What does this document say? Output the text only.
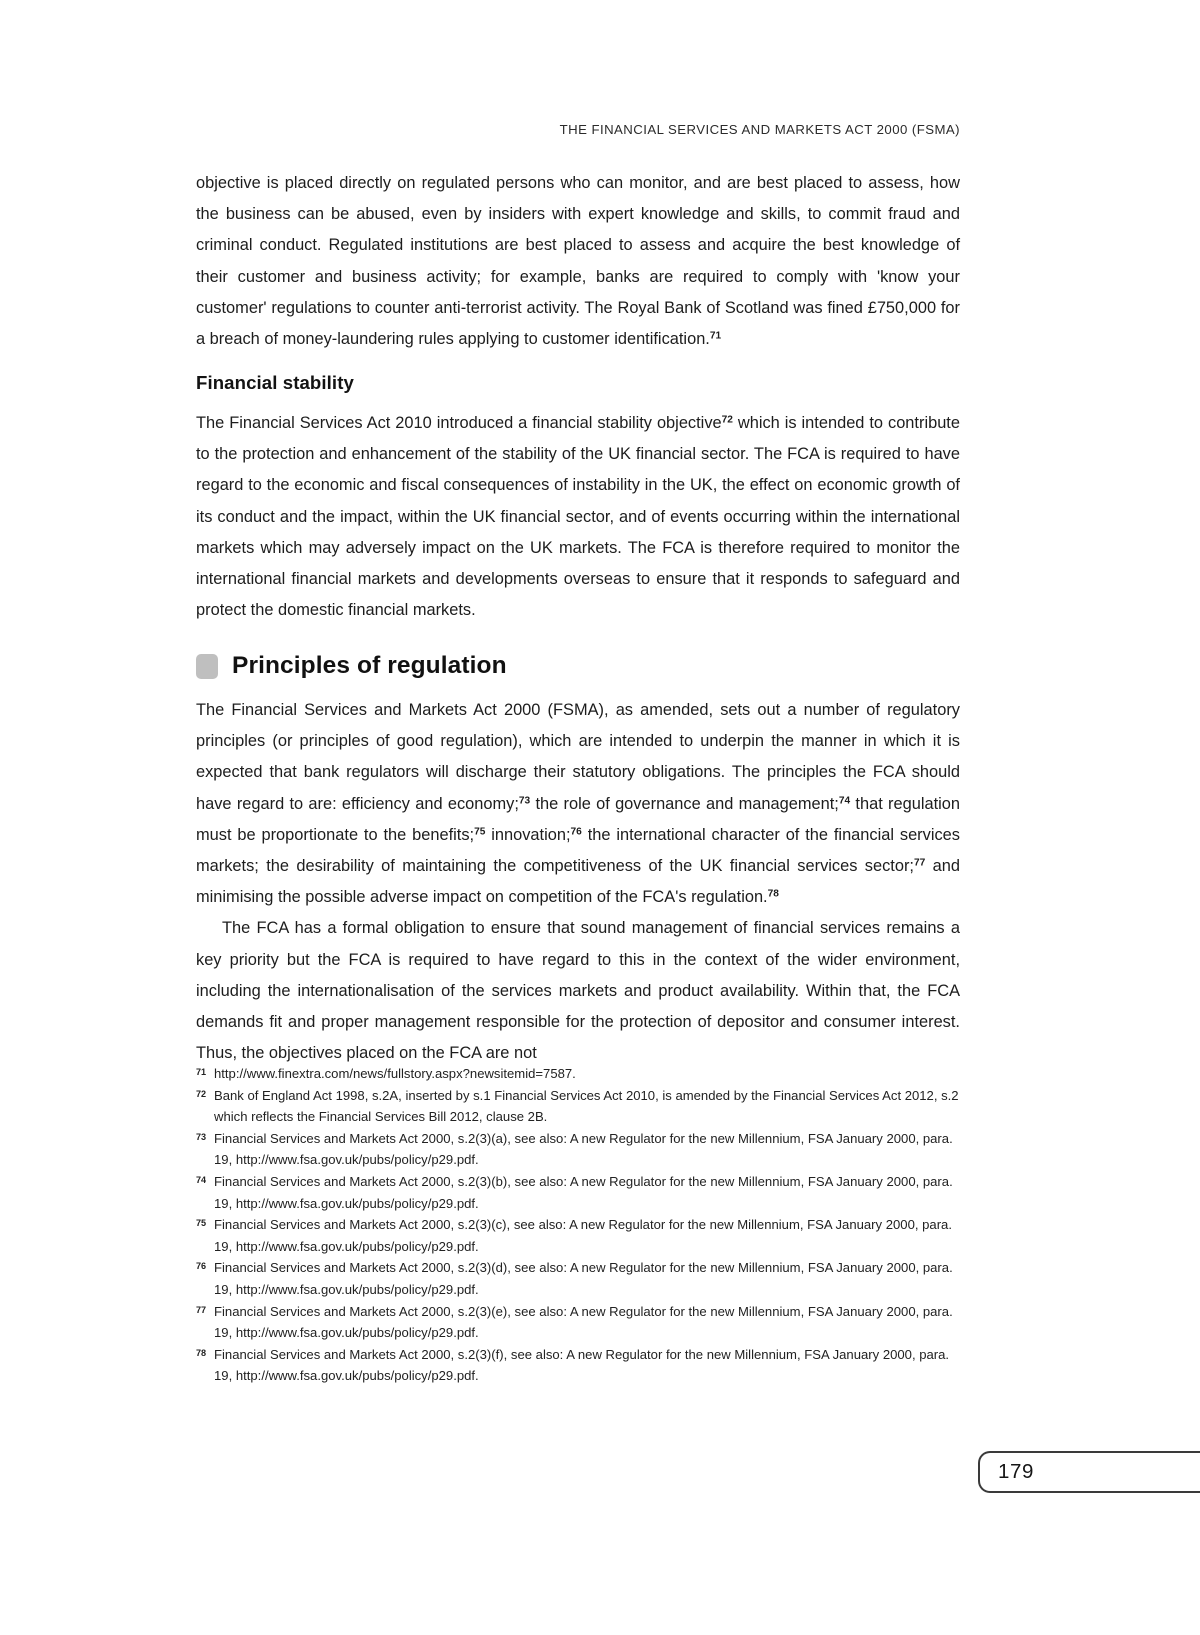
THE FINANCIAL SERVICES AND MARKETS ACT 2000 (FSMA)

objective is placed directly on regulated persons who can monitor, and are best placed to assess, how the business can be abused, even by insiders with expert knowledge and skills, to commit fraud and criminal conduct. Regulated institutions are best placed to assess and acquire the best knowledge of their customer and business activity; for example, banks are required to comply with 'know your customer' regulations to counter anti-terrorist activity. The Royal Bank of Scotland was fined £750,000 for a breach of money-laundering rules applying to customer identification.$^{71}$

Financial stability

The Financial Services Act 2010 introduced a financial stability objective$^{72}$ which is intended to contribute to the protection and enhancement of the stability of the UK financial sector. The FCA is required to have regard to the economic and fiscal consequences of instability in the UK, the effect on economic growth of its conduct and the impact, within the UK financial sector, and of events occurring within the international markets which may adversely impact on the UK markets. The FCA is therefore required to monitor the international financial markets and developments overseas to ensure that it responds to safeguard and protect the domestic financial markets.

Principles of regulation

The Financial Services and Markets Act 2000 (FSMA), as amended, sets out a number of regulatory principles (or principles of good regulation), which are intended to underpin the manner in which it is expected that bank regulators will discharge their statutory obligations. The principles the FCA should have regard to are: efficiency and economy;$^{73}$ the role of governance and management;$^{74}$ that regulation must be proportionate to the benefits;$^{75}$ innovation;$^{76}$ the international character of the financial services markets; the desirability of maintaining the competitiveness of the UK financial services sector;$^{77}$ and minimising the possible adverse impact on competition of the FCA's regulation.$^{78}$

The FCA has a formal obligation to ensure that sound management of financial services remains a key priority but the FCA is required to have regard to this in the context of the wider environment, including the internationalisation of the services markets and product availability. Within that, the FCA demands fit and proper management responsible for the protection of depositor and consumer interest. Thus, the objectives placed on the FCA are not

71 http://www.finextra.com/news/fullstory.aspx?newsitemid=7587.
72 Bank of England Act 1998, s.2A, inserted by s.1 Financial Services Act 2010, is amended by the Financial Services Act 2012, s.2 which reflects the Financial Services Bill 2012, clause 2B.
73 Financial Services and Markets Act 2000, s.2(3)(a), see also: A new Regulator for the new Millennium, FSA January 2000, para. 19, http://www.fsa.gov.uk/pubs/policy/p29.pdf.
74 Financial Services and Markets Act 2000, s.2(3)(b), see also: A new Regulator for the new Millennium, FSA January 2000, para. 19, http://www.fsa.gov.uk/pubs/policy/p29.pdf.
75 Financial Services and Markets Act 2000, s.2(3)(c), see also: A new Regulator for the new Millennium, FSA January 2000, para. 19, http://www.fsa.gov.uk/pubs/policy/p29.pdf.
76 Financial Services and Markets Act 2000, s.2(3)(d), see also: A new Regulator for the new Millennium, FSA January 2000, para. 19, http://www.fsa.gov.uk/pubs/policy/p29.pdf.
77 Financial Services and Markets Act 2000, s.2(3)(e), see also: A new Regulator for the new Millennium, FSA January 2000, para. 19, http://www.fsa.gov.uk/pubs/policy/p29.pdf.
78 Financial Services and Markets Act 2000, s.2(3)(f), see also: A new Regulator for the new Millennium, FSA January 2000, para. 19, http://www.fsa.gov.uk/pubs/policy/p29.pdf.
179
